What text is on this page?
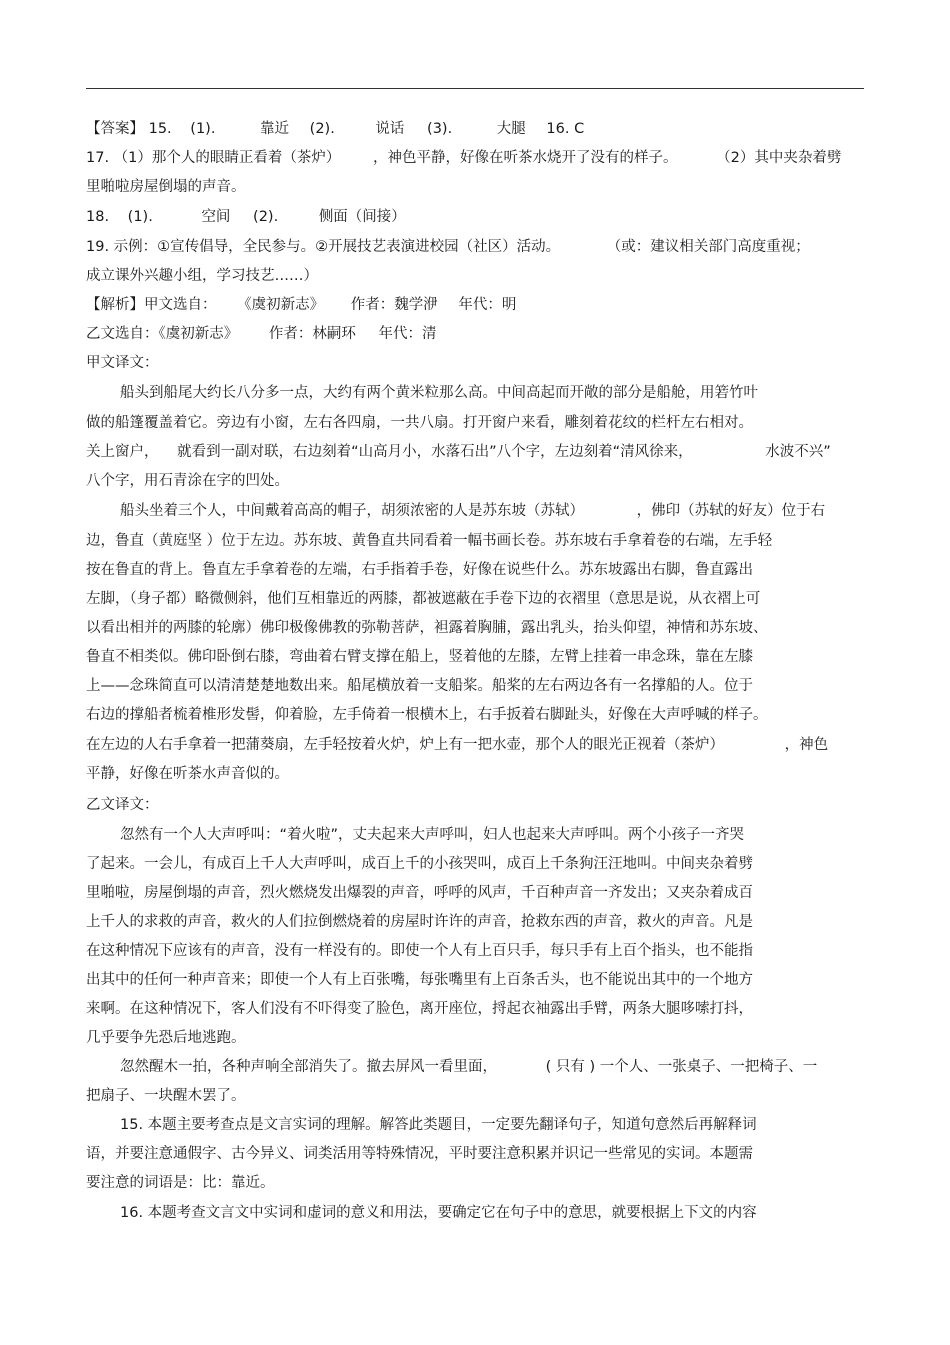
【答案】 15. (1).	靠近 (2).	说话 (3).	大腿 16. C
17. （1）那个人的眼睛正看着（茶炉） ，神色平静，好像在听茶水烧开了没有的样子。	（2）其中夹杂着劈
里啪啦房屋倒塌的声音。
18. (1).	空间 (2).	侧面（间接）
19. 示例：①宣传倡导，全民参与。②开展技艺表演进校园（社区）活动。	（或：建议相关部门高度重视；
成立课外兴趣小组，学习技艺……）
【解析】甲文选自： 《虞初新志》 作者：魏学洢 年代：明
乙文选自：《虞初新志》 作者：林嗣环 年代：清
甲文译文：
船头到船尾大约长八分多一点，大约有两个黄米粒那么高。中间高起而开敞的部分是船舱，用箬竹叶
做的船篷覆盖着它。旁边有小窗，左右各四扇，一共八扇。打开窗户来看，雕刻着花纹的栏杆左右相对。
关上窗户， 就看到一副对联，右边刻着“山高月小，水落石出”八个字，左边刻着“清风徐来，	水波不兴”
八个字，用石青涂在字的凹处。
船头坐着三个人，中间戴着高高的帽子，胡须浓密的人是苏东坡（苏轼）	，佛印（苏轼的好友）位于右
边，鲁直（黄庭坚 ）位于左边。苏东坡、黄鲁直共同看着一幅书画长卷。苏东坡右手拿着卷的右端，左手轻
按在鲁直的背上。鲁直左手拿着卷的左端，右手指着手卷，好像在说些什么。苏东坡露出右脚，鲁直露出
左脚，（身子都）略微侧斜，他们互相靠近的两膝，都被遮蔽在手卷下边的衣褶里（意思是说，从衣褶上可
以看出相并的两膝的轮廓）佛印极像佛教的弥勒菩萨，袒露着胸脯，露出乳头，抬头仰望，神情和苏东坡、
鲁直不相类似。佛印卧倒右膝，弯曲着右臂支撑在船上，竖着他的左膝，左臂上挂着一串念珠，靠在左膝
上——念珠简直可以清清楚楚地数出来。船尾横放着一支船桨。船桨的左右两边各有一名撑船的人。位于
右边的撑船者梳着椎形发髻，仰着脸，左手倚着一根横木上，右手扳着右脚趾头，好像在大声呼喊的样子。
在左边的人右手拿着一把蒲葵扇，左手轻按着火炉，炉上有一把水壶，那个人的眼光正视着（茶炉）	，神色
平静，好像在听茶水声音似的。
乙文译文：
忽然有一个人大声呼叫：“着火啦”，丈夫起来大声呼叫，妇人也起来大声呼叫。两个小孩子一齐哭
了起来。一会儿，有成百上千人大声呼叫，成百上千的小孩哭叫，成百上千条狗汪汪地叫。中间夹杂着劈
里啪啦，房屋倒塌的声音，烈火燃烧发出爆裂的声音，呼呼的风声，千百种声音一齐发出；又夹杂着成百
上千人的求救的声音，救火的人们拉倒燃烧着的房屋时许许的声音，抢救东西的声音，救火的声音。凡是
在这种情况下应该有的声音，没有一样没有的。即使一个人有上百只手，每只手有上百个指头，也不能指
出其中的任何一种声音来；即使一个人有上百张嘴，每张嘴里有上百条舌头，也不能说出其中的一个地方
来啊。在这种情况下，客人们没有不吓得变了脸色，离开座位，捋起衣袖露出手臂，两条大腿哆嗦打抖，
几乎要争先恐后地逃跑。
忽然醒木一拍，各种声响全部消失了。撤去屏风一看里面，	( 只有 ) 一个人、一张桌子、一把椅子、一
把扇子、一块醒木罢了。
15. 本题主要考查点是文言实词的理解。解答此类题目，一定要先翻译句子，知道句意然后再解释词
语，并要注意通假字、古今异义、词类活用等特殊情况，平时要注意积累并识记一些常见的实词。本题需
要注意的词语是：比：靠近。
16. 本题考查文言文中实词和虚词的意义和用法，要确定它在句子中的意思，就要根据上下文的内容
